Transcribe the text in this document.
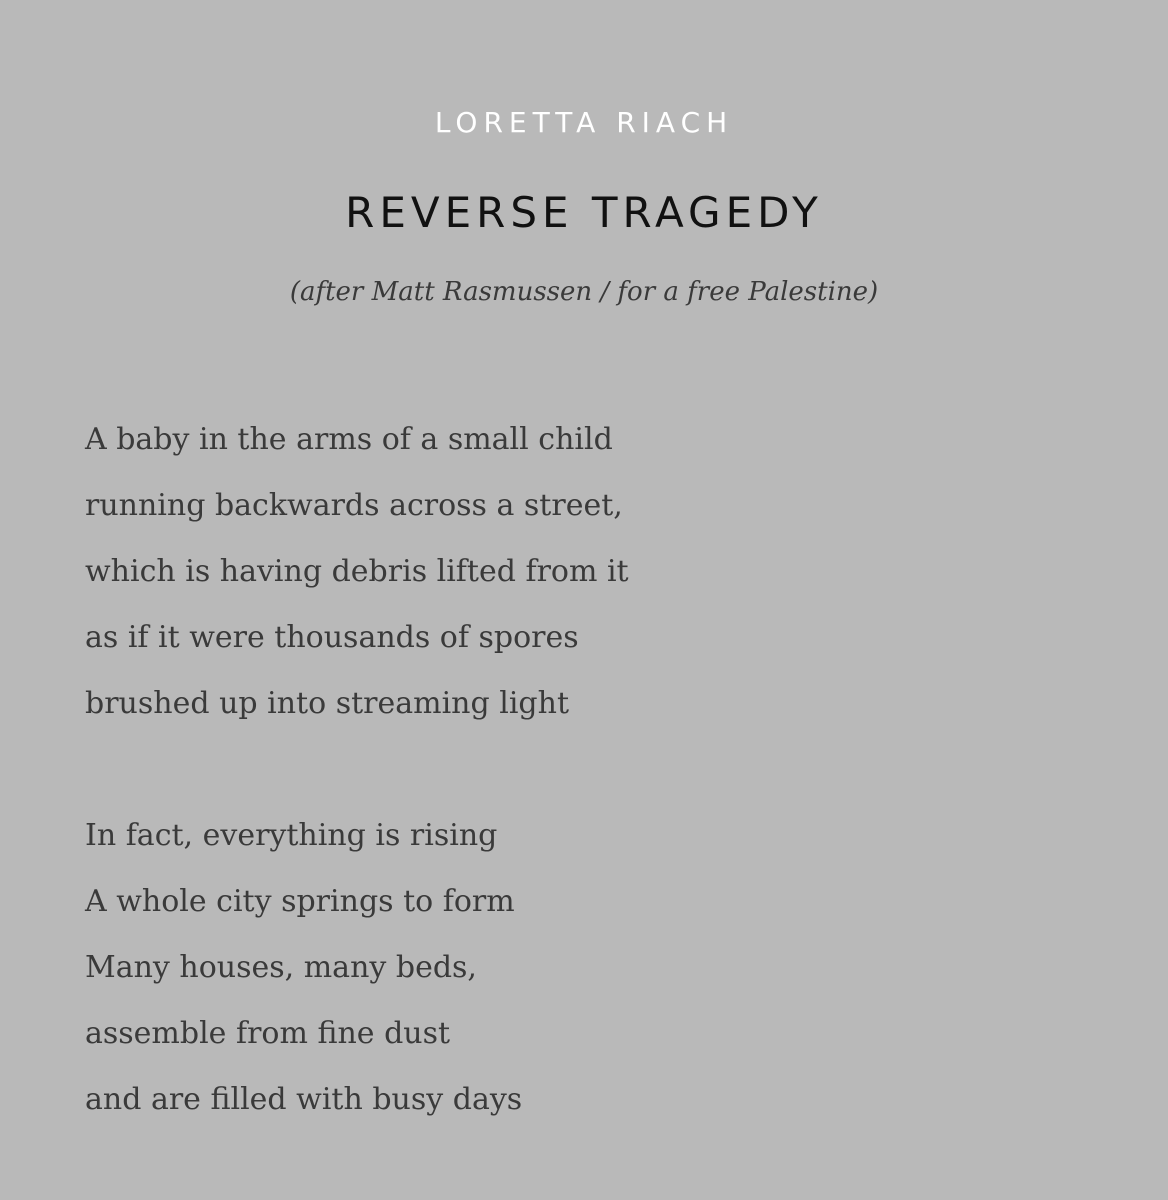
LORETTA RIACH
REVERSE TRAGEDY
(after Matt Rasmussen / for a free Palestine)
A baby in the arms of a small child
running backwards across a street,
which is having debris lifted from it
as if it were thousands of spores
brushed up into streaming light
In fact, everything is rising
A whole city springs to form
Many houses, many beds,
assemble from fine dust
and are filled with busy days
